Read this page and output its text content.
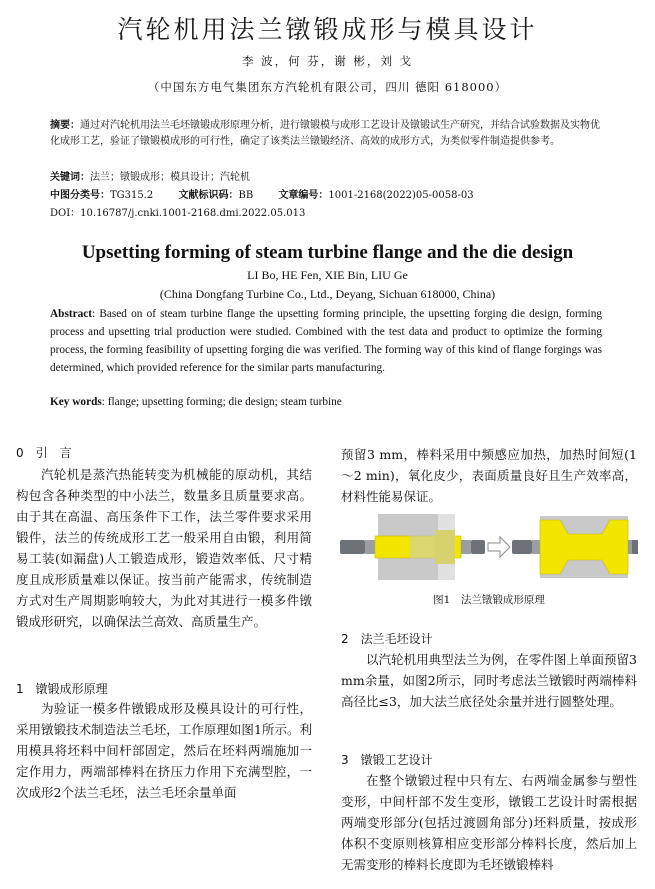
汽轮机用法兰镦锻成形与模具设计
李 波，何 芬，谢 彬，刘 戈
（中国东方电气集团东方汽轮机有限公司，四川 德阳 618000）
摘要：通过对汽轮机用法兰毛坯镦锻成形原理分析，进行镦锻模与成形工艺设计及镦锻试生产研究，并结合试验数据及实物优化成形工艺，验证了镦锻模成形的可行性，确定了该类法兰镦锻经济、高效的成形方式，为类似零件制造提供参考。
关键词：法兰；镦锻成形；模具设计；汽轮机
中图分类号：TG315.2	文献标识码：BB	文章编号：1001-2168(2022)05-0058-03
DOI：10.16787/j.cnki.1001-2168.dmi.2022.05.013
Upsetting forming of steam turbine flange and the die design
LI Bo, HE Fen, XIE Bin, LIU Ge
(China Dongfang Turbine Co., Ltd., Deyang, Sichuan 618000, China)
Abstract: Based on of steam turbine flange the upsetting forming principle, the upsetting forging die design, forming process and upsetting trial production were studied. Combined with the test data and product to optimize the forming process, the forming feasibility of upsetting forging die was verified. The forming way of this kind of flange forgings was determined, which provided reference for the similar parts manufacturing.
Key words: flange; upsetting forming; die design; steam turbine
0　引　言
汽轮机是蒸汽热能转变为机械能的原动机，其结构包含各种类型的中小法兰，数量多且质量要求高。由于其在高温、高压条件下工作，法兰零件要求采用锻件，法兰的传统成形工艺一般采用自由锻，利用简易工装(如漏盘)人工锻造成形，锻造效率低、尺寸精度且成形质量难以保证。按当前产能需求，传统制造方式对生产周期影响较大，为此对其进行一模多件镦锻成形研究，以确保法兰高效、高质量生产。
1　镦锻成形原理
为验证一模多件镦锻成形及模具设计的可行性，采用镦锻技术制造法兰毛坯，工作原理如图1所示。利用模具将坯料中间杆部固定，然后在坯料两端施加一定作用力，两端部棒料在挤压力作用下充满型腔，一次成形2个法兰毛坯，法兰毛坯余量单面
预留3 mm，棒料采用中频感应加热，加热时间短(1～2 min)，氧化皮少，表面质量良好且生产效率高，材料性能易保证。
图1　法兰镦锻成形原理
2　法兰毛坯设计
以汽轮机用典型法兰为例，在零件图上单面预留3 mm余量，如图2所示，同时考虑法兰镦锻时两端棒料高径比≤3，加大法兰底径处余量并进行圆整处理。
3　镦锻工艺设计
在整个镦锻过程中只有左、右两端金属参与塑性变形，中间杆部不发生变形，镦锻工艺设计时需根据两端变形部分(包括过渡圆角部分)坯料质量，按成形体积不变原则核算相应变形部分棒料长度，然后加上无需变形的棒料长度即为毛坯镦锻棒料
